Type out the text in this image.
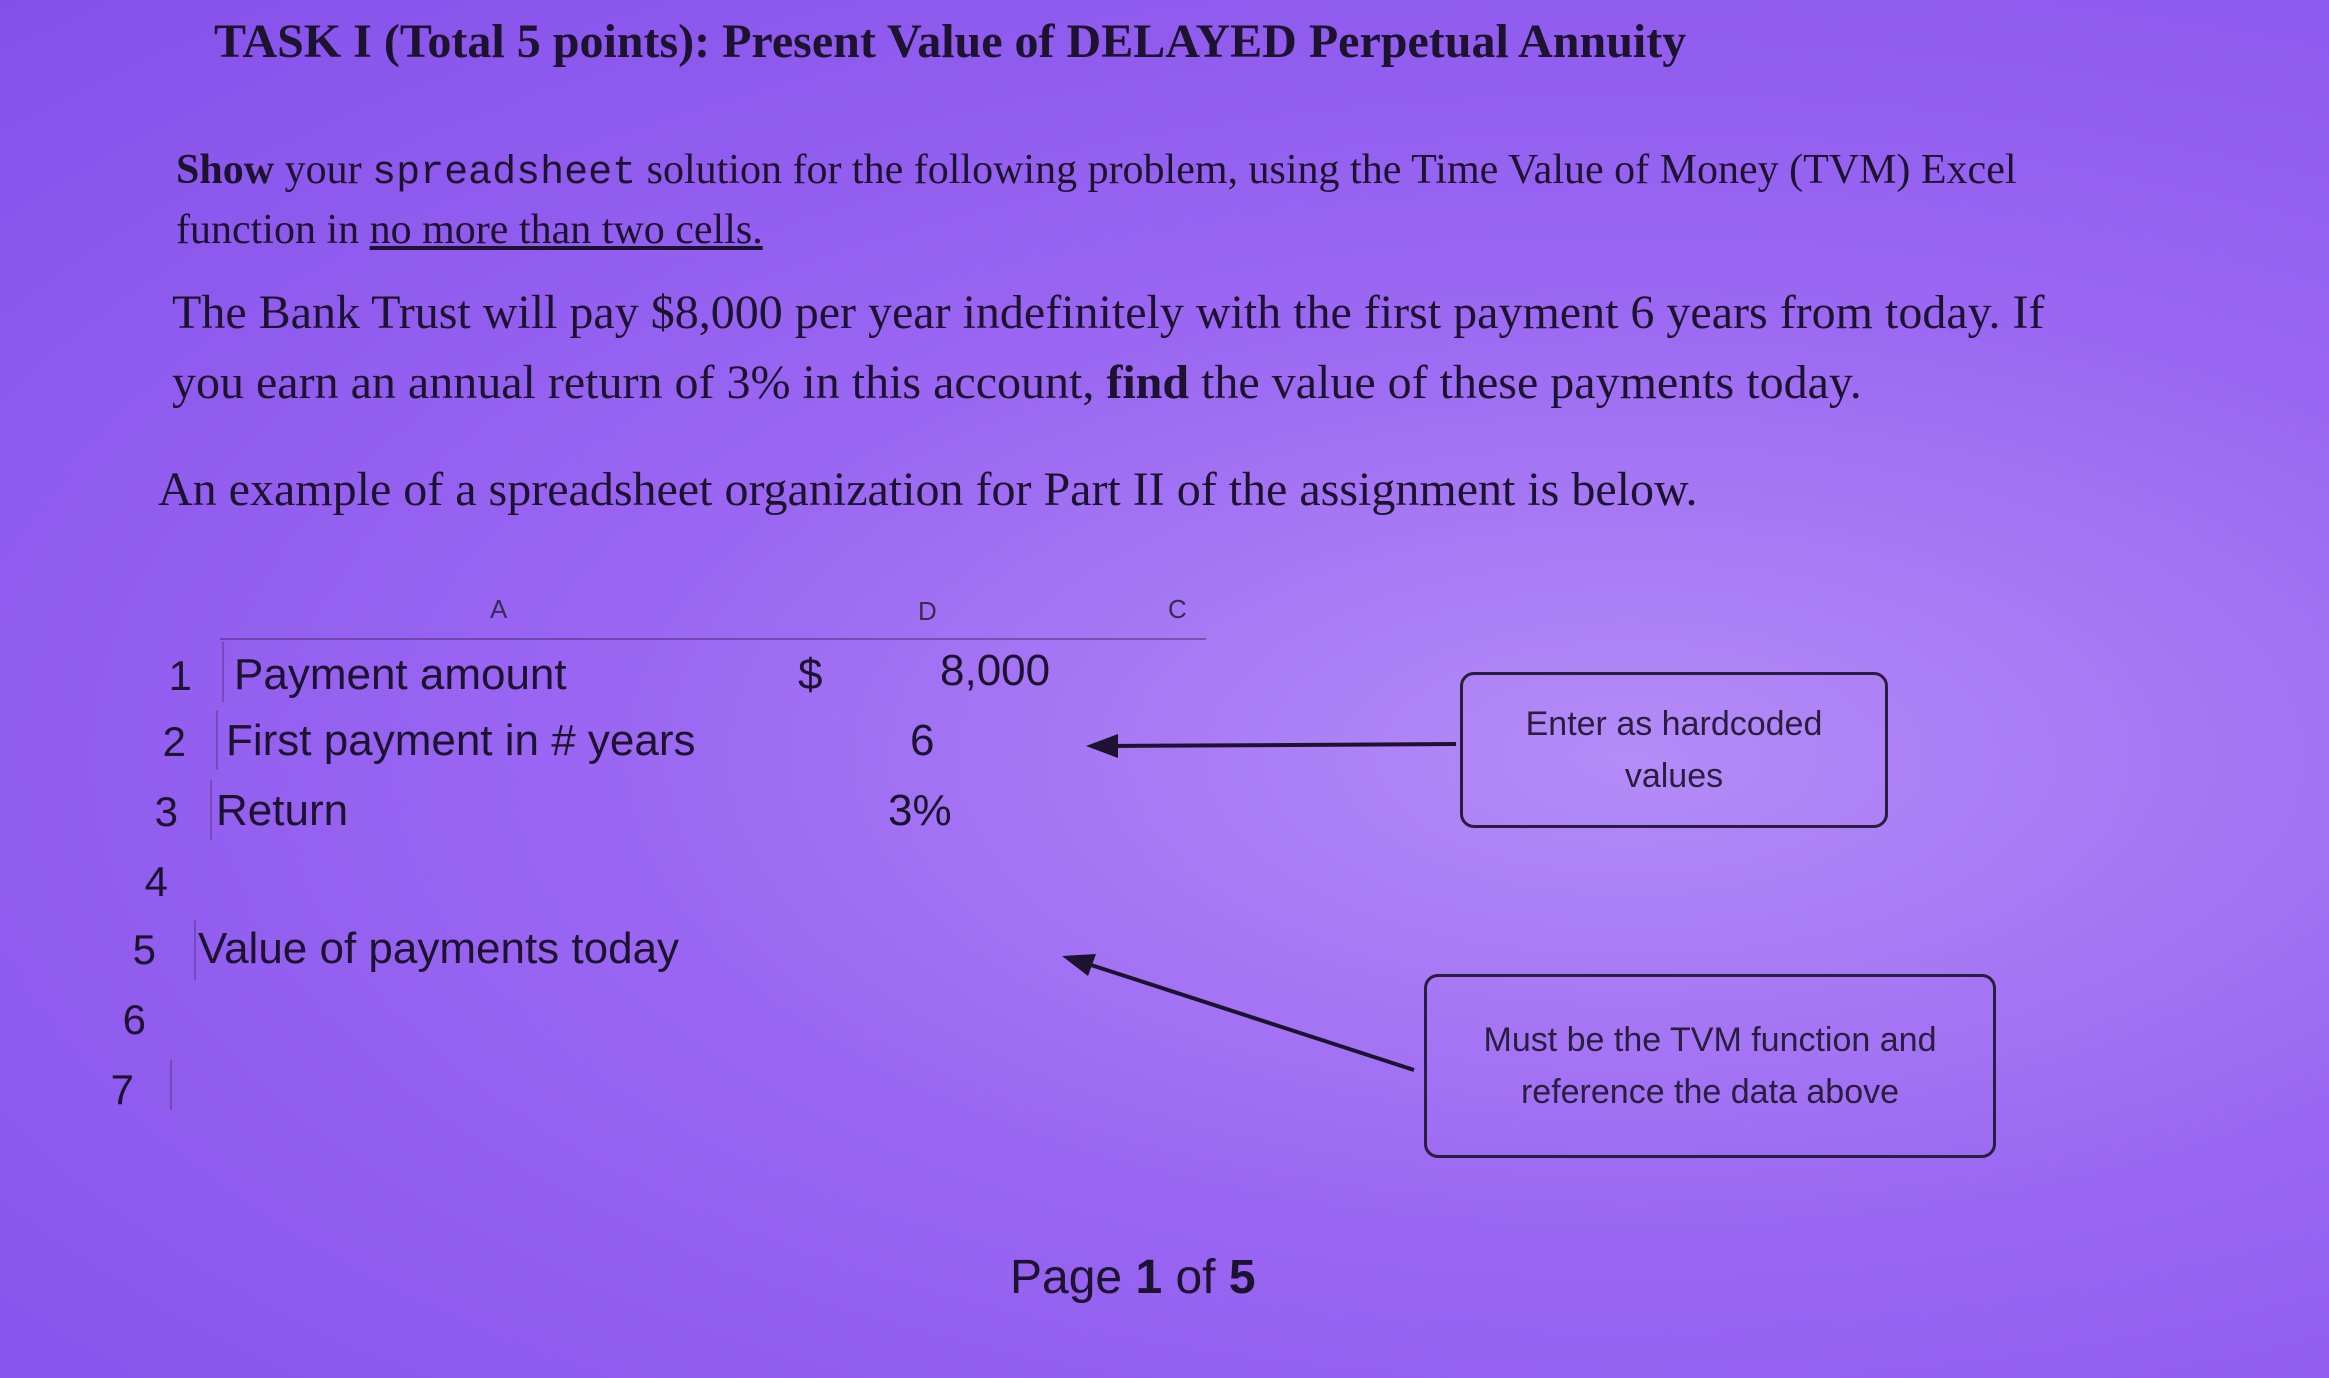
TASK I (Total 5 points): Present Value of DELAYED Perpetual Annuity
Show your spreadsheet solution for the following problem, using the Time Value of Money (TVM) Excel
function in no more than two cells.
The Bank Trust will pay $8,000 per year indefinitely with the first payment 6 years from today. If
you earn an annual return of 3% in this account, find the value of these payments today.
An example of a spreadsheet organization for Part II of the assignment is below.
A	D	C
1 Payment amount	$	8,000
2 First payment in # years	6
3 Return	3%
4
5 Value of payments today
6
7
Enter as hardcoded
values
Must be the TVM function and
reference the data above
Page 1 of 5
